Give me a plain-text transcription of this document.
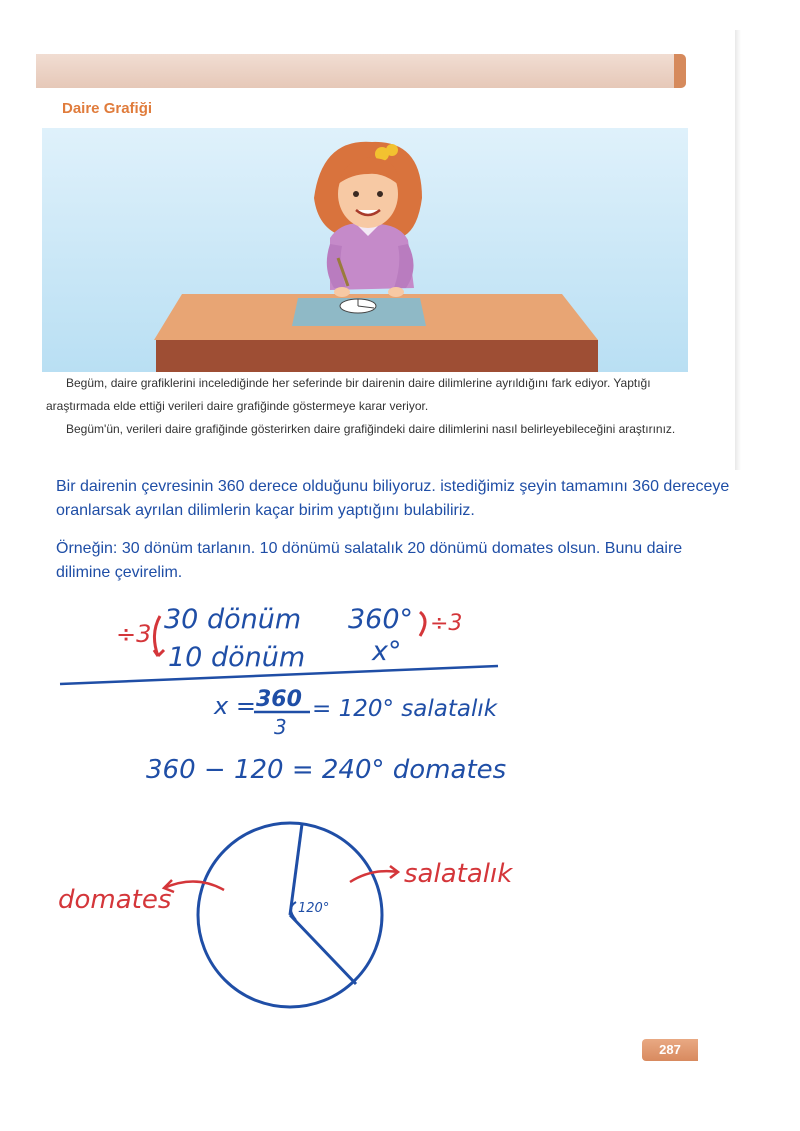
Daire Grafiği

Begüm, daire grafiklerini incelediğinde her seferinde bir dairenin daire dilimlerine ayrıldığını fark ediyor. Yaptığı araştırmada elde ettiği verileri daire grafiğinde göstermeye karar veriyor.

Begüm'ün, verileri daire grafiğinde gösterirken daire grafiğindeki daire dilimlerini nasıl belirleyebileceğini araştırınız.

Bir dairenin çevresinin 360 derece olduğunu biliyoruz. istediğimiz şeyin tamamını 360 dereceye oranlarsak ayrılan dilimlerin kaçar birim yaptığını bulabiliriz.

Örneğin: 30 dönüm tarlanın. 10 dönümü salatalık 20 dönümü domates olsun. Bunu daire dilimine çevirelim.

÷3 30 dönüm 360° ÷3
10 dönüm x°
x = 360
3
= 120° salatalık
360 − 120 = 240° domates
120°
domates
salatalık
287
